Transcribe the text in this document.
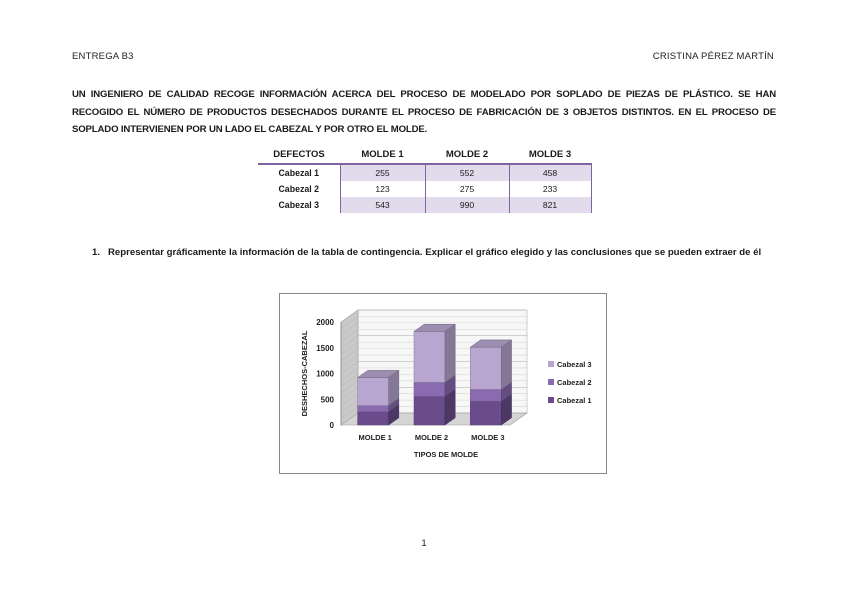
ENTREGA B3	CRISTINA PÉREZ MARTÍN
UN INGENIERO DE CALIDAD RECOGE INFORMACIÓN ACERCA DEL PROCESO DE MODELADO POR SOPLADO DE PIEZAS DE PLÁSTICO. SE HAN RECOGIDO EL NÚMERO DE PRODUCTOS DESECHADOS DURANTE EL PROCESO DE FABRICACIÓN DE 3 OBJETOS DISTINTOS. EN EL PROCESO DE SOPLADO INTERVIENEN POR UN LADO EL CABEZAL Y POR OTRO EL MOLDE.
DEFECTOS	MOLDE 1	MOLDE 2	MOLDE 3
Cabezal 1	255	552	458
Cabezal 2	123	275	233
Cabezal 3	543	990	821
1. Representar gráficamente la información de la tabla de contingencia. Explicar el gráfico elegido y las conclusiones que se pueden extraer de él
0
500
1000
1500
2000
MOLDE 1	MOLDE 2	MOLDE 3
TIPOS DE MOLDE
DESHECHOS-CABEZAL	Cabezal 3
Cabezal 2
Cabezal 1
1
